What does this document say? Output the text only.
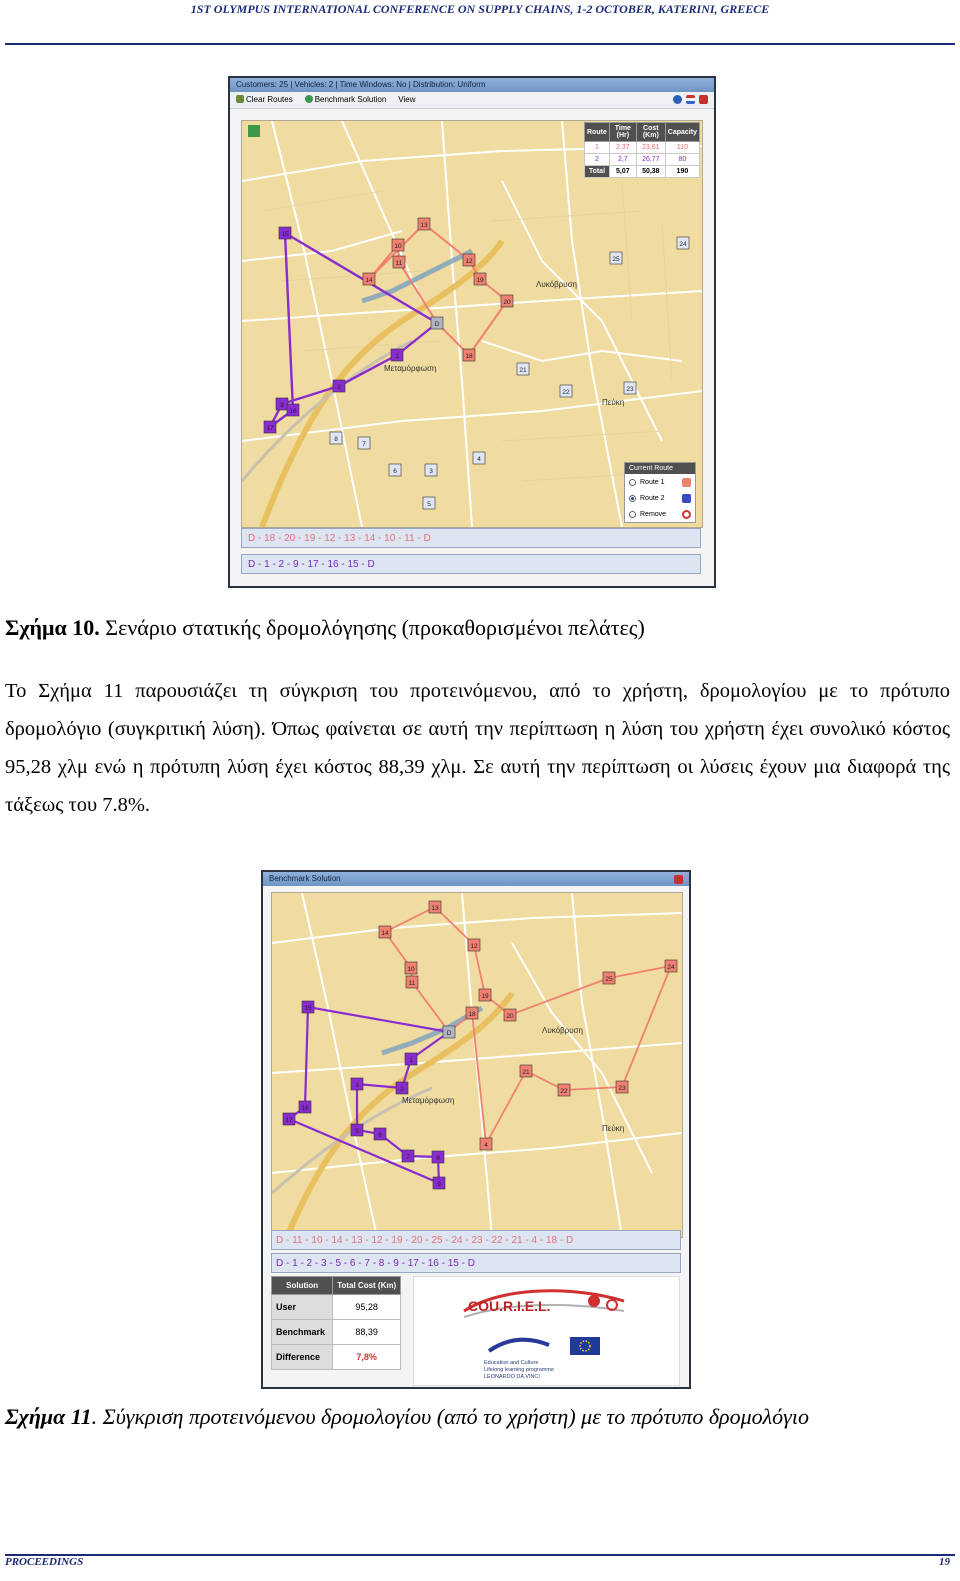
1ST OLYMPUS INTERNATIONAL CONFERENCE ON SUPPLY CHAINS, 1-2 OCTOBER, KATERINI, GREECE
Customers: 25 | Vehicles: 2 | Time Windows: No | Distribution: Uniform
Clear Routes	Benchmark Solution View
Λυκόβρυση
Μεταμόρφωση
Πεύκη
1
2
3
4
5
6
7
8
9
10
11	12
13
14
15
16
17
18
19
20
21
22	23
24
25
D
Route	Time (Hr)	Cost (Km)	Capacity
1	2,37	23,61	110
2	2,7	26,77	80
Total	5,07	50,38	190
Current Route
Route 1
Route 2
Remove
D - 18 - 20 - 19 - 12 - 13 - 14 - 10 - 11 - D
D - 1 - 2 - 9 - 17 - 16 - 15 - D
Σχήμα 10. Σενάριο στατικής δρομολόγησης (προκαθορισμένοι πελάτες)
Το Σχήμα 11 παρουσιάζει τη σύγκριση του προτεινόμενου, από το χρήστη, δρομολογίου με το πρότυπο δρομολόγιο (συγκριτική λύση). Όπως φαίνεται σε αυτή την περίπτωση η λύση του χρήστη έχει συνολικό κόστος 95,28 χλμ ενώ η πρότυπη λύση έχει κόστος 88,39 χλμ. Σε αυτή την περίπτωση οι λύσεις έχουν μια διαφορά της τάξεως του 7.8%.
Benchmark Solution
Λυκόβρυση
Μεταμόρφωση
Πεύκη
1
2
3
4
5
6
7	8
9
10
11
12
13
14
15
16
17
18
19
20
21
22	23
24
25
D
D - 11 - 10 - 14 - 13 - 12 - 19 - 20 - 25 - 24 - 23 - 22 - 21 - 4 - 18 - D
D - 1 - 2 - 3 - 5 - 6 - 7 - 8 - 9 - 17 - 16 - 15 - D
Solution	Total Cost (Km)
User	95,28
Benchmark	88,39
Difference	7,8%
COU.R.I.E.L.
Education and Culture
Lifelong learning programme
LEONARDO DA VINCI
Σχήμα 11. Σύγκριση προτεινόμενου δρομολογίου (από το χρήστη) με το πρότυπο δρομολόγιο
PROCEEDINGS	19
